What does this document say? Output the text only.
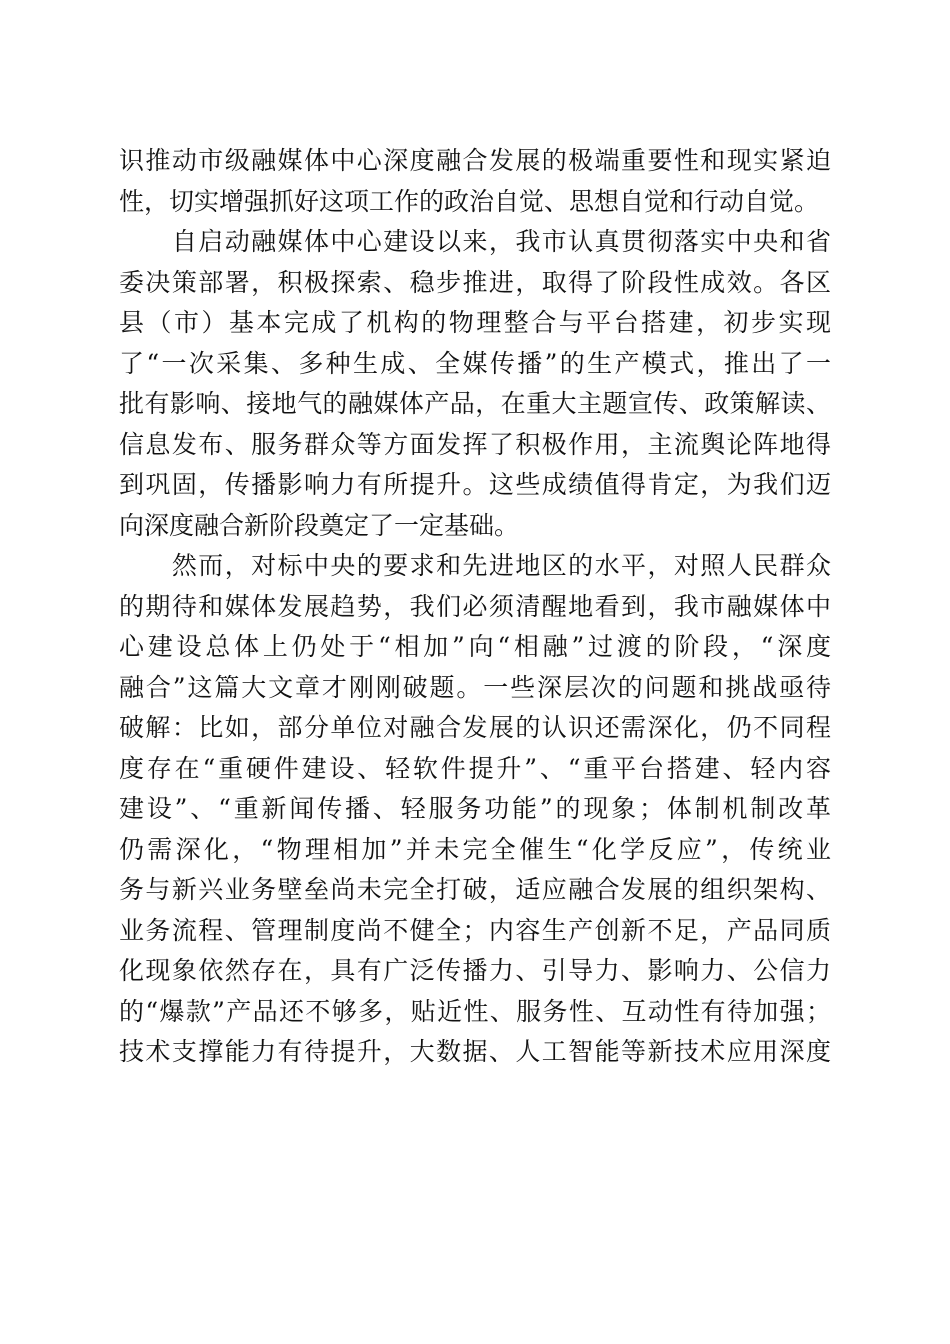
识推动市级融媒体中心深度融合发展的极端重要性和现实紧迫
性，切实增强抓好这项工作的政治自觉、思想自觉和行动自觉。
　　自启动融媒体中心建设以来，我市认真贯彻落实中央和省
委决策部署，积极探索、稳步推进，取得了阶段性成效。各区
县（市）基本完成了机构的物理整合与平台搭建，初步实现
了“一次采集、多种生成、全媒传播”的生产模式，推出了一
批有影响、接地气的融媒体产品，在重大主题宣传、政策解读、
信息发布、服务群众等方面发挥了积极作用，主流舆论阵地得
到巩固，传播影响力有所提升。这些成绩值得肯定，为我们迈
向深度融合新阶段奠定了一定基础。
　　然而，对标中央的要求和先进地区的水平，对照人民群众
的期待和媒体发展趋势，我们必须清醒地看到，我市融媒体中
心建设总体上仍处于“相加”向“相融”过渡的阶段，“深度
融合”这篇大文章才刚刚破题。一些深层次的问题和挑战亟待
破解：比如，部分单位对融合发展的认识还需深化，仍不同程
度存在“重硬件建设、轻软件提升”、“重平台搭建、轻内容
建设”、“重新闻传播、轻服务功能”的现象；体制机制改革
仍需深化，“物理相加”并未完全催生“化学反应”，传统业
务与新兴业务壁垒尚未完全打破，适应融合发展的组织架构、
业务流程、管理制度尚不健全；内容生产创新不足，产品同质
化现象依然存在，具有广泛传播力、引导力、影响力、公信力
的“爆款”产品还不够多，贴近性、服务性、互动性有待加强；
技术支撑能力有待提升，大数据、人工智能等新技术应用深度
